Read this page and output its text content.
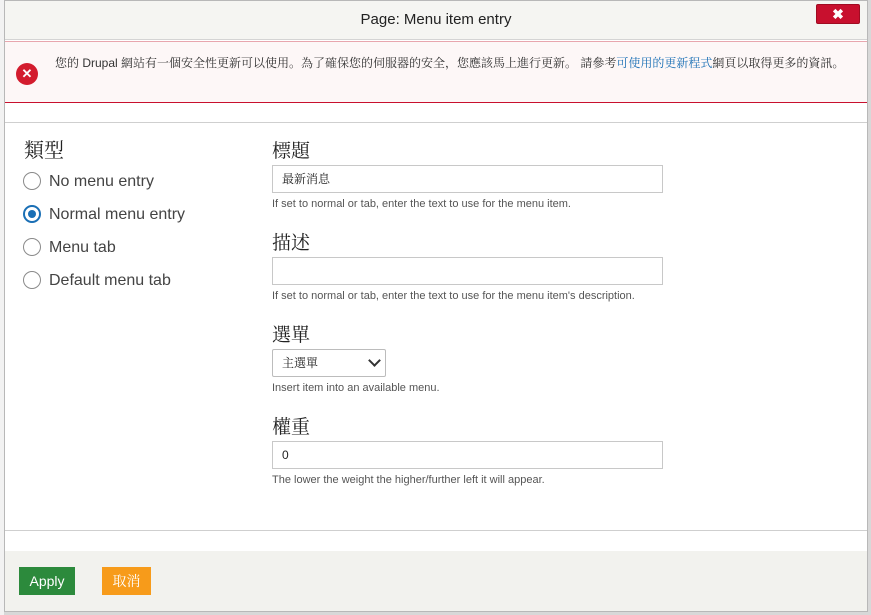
Page: Menu item entry	✖
✕
您的 Drupal 網站有一個安全性更新可以使用。為了確保您的伺服器的安全，您應該馬上進行更新。 請參考可使用的更新程式網頁以取得更多的資訊。
類型
No menu entry
Normal menu entry
Menu tab
Default menu tab
標題
最新消息
If set to normal or tab, enter the text to use for the menu item.
描述
If set to normal or tab, enter the text to use for the menu item's description.
選單
主選單
Insert item into an available menu.
權重
0
The lower the weight the higher/further left it will appear.
Apply	取消
